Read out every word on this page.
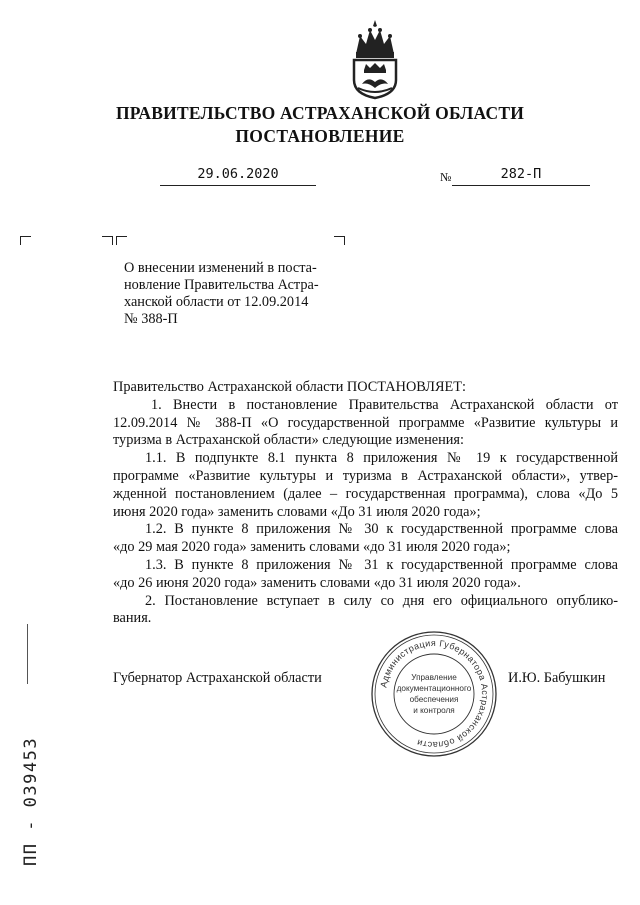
ПРАВИТЕЛЬСТВО АСТРАХАНСКОЙ ОБЛАСТИ
ПОСТАНОВЛЕНИЕ
29.06.2020	№	282-П
О внесении изменений в поста-
новление Правительства Астра-
ханской области от 12.09.2014
№ 388-П
Правительство Астраханской области ПОСТАНОВЛЯЕТ:
1. Внести в постановление Правительства Астраханской области от
12.09.2014 № 388-П «О государственной программе «Развитие культуры и
туризма в Астраханской области» следующие изменения:
1.1. В подпункте 8.1 пункта 8 приложения № 19 к государственной
программе «Развитие культуры и туризма в Астраханской области», утвер-
жденной постановлением (далее – государственная программа), слова «До 5
июня 2020 года» заменить словами «До 31 июля 2020 года»;
1.2. В пункте 8 приложения № 30 к государственной программе слова
«до 29 мая 2020 года» заменить словами «до 31 июля 2020 года»;
1.3. В пункте 8 приложения № 31 к государственной программе слова
«до 26 июня 2020 года» заменить словами «до 31 июля 2020 года».
2. Постановление вступает в силу со дня его официального опублико-
вания.
Губернатор Астраханской области	И.Ю. Бабушкин
Администрация Губернатора Астраханской области
Управление
документационного
обеспечения
и контроля
ПП - 039453
